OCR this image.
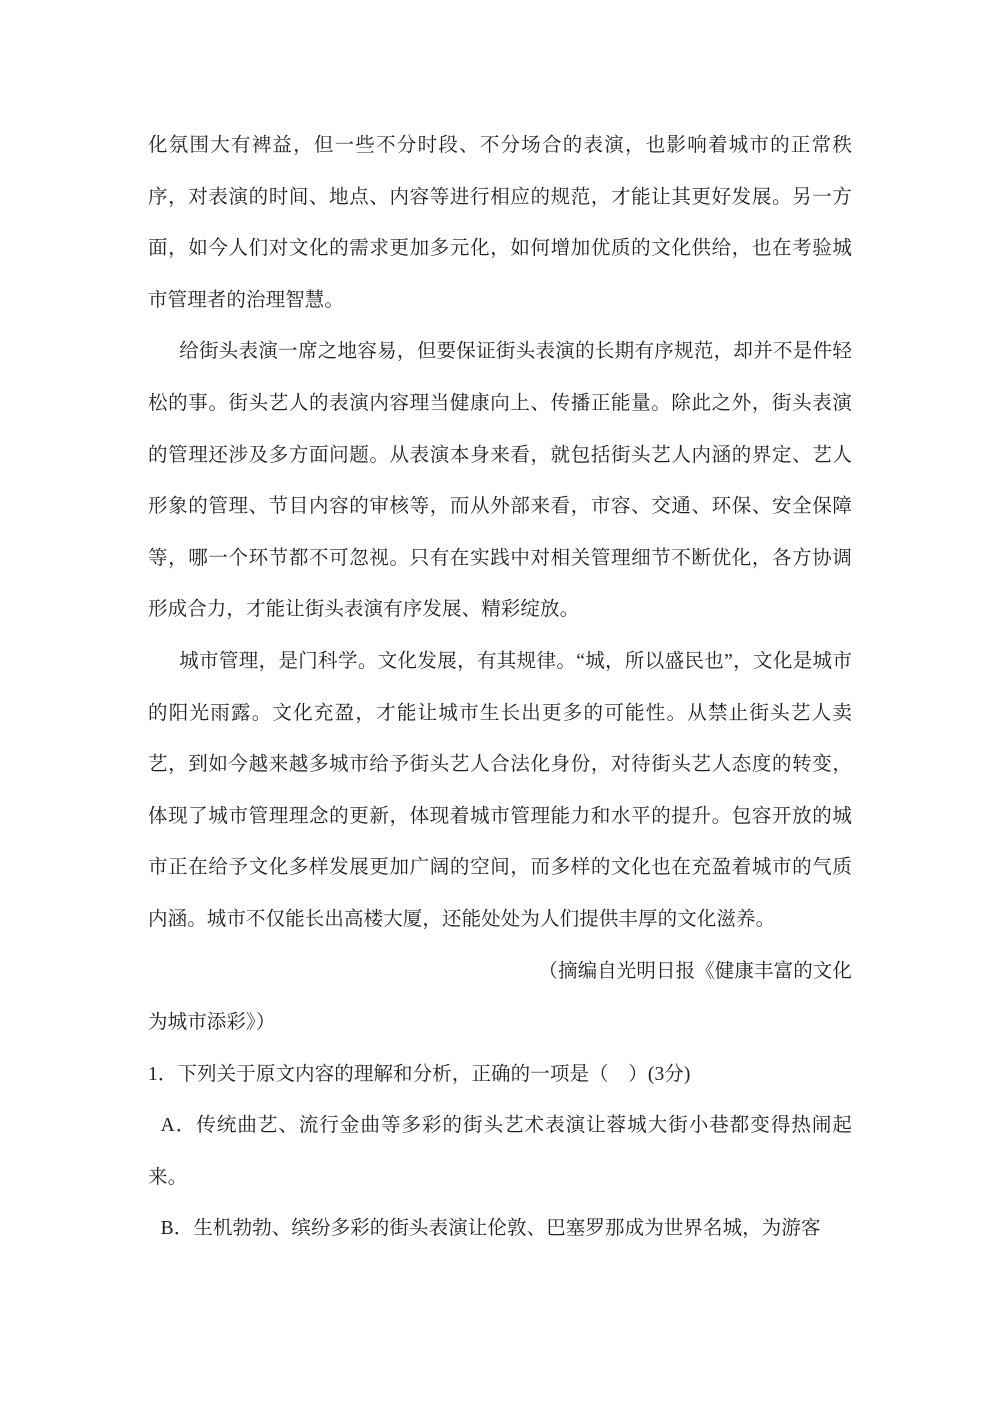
化氛围大有裨益，但一些不分时段、不分场合的表演，也影响着城市的正常秩序，对表演的时间、地点、内容等进行相应的规范，才能让其更好发展。另一方面，如今人们对文化的需求更加多元化，如何增加优质的文化供给，也在考验城市管理者的治理智慧。

给街头表演一席之地容易，但要保证街头表演的长期有序规范，却并不是件轻松的事。街头艺人的表演内容理当健康向上、传播正能量。除此之外，街头表演的管理还涉及多方面问题。从表演本身来看，就包括街头艺人内涵的界定、艺人形象的管理、节目内容的审核等，而从外部来看，市容、交通、环保、安全保障等，哪一个环节都不可忽视。只有在实践中对相关管理细节不断优化，各方协调形成合力，才能让街头表演有序发展、精彩绽放。

城市管理，是门科学。文化发展，有其规律。“城，所以盛民也”，文化是城市的阳光雨露。文化充盈，才能让城市生长出更多的可能性。从禁止街头艺人卖艺，到如今越来越多城市给予街头艺人合法化身份，对待街头艺人态度的转变，体现了城市管理理念的更新，体现着城市管理能力和水平的提升。包容开放的城市正在给予文化多样发展更加广阔的空间，而多样的文化也在充盈着城市的气质内涵。城市不仅能长出高楼大厦，还能处处为人们提供丰厚的文化滋养。

（摘编自光明日报《健康丰富的文化

为城市添彩》）

1．下列关于原文内容的理解和分析，正确的一项是（　）(3分)

A．传统曲艺、流行金曲等多彩的街头艺术表演让蓉城大街小巷都变得热闹起来。

B．生机勃勃、缤纷多彩的街头表演让伦敦、巴塞罗那成为世界名城，为游客
